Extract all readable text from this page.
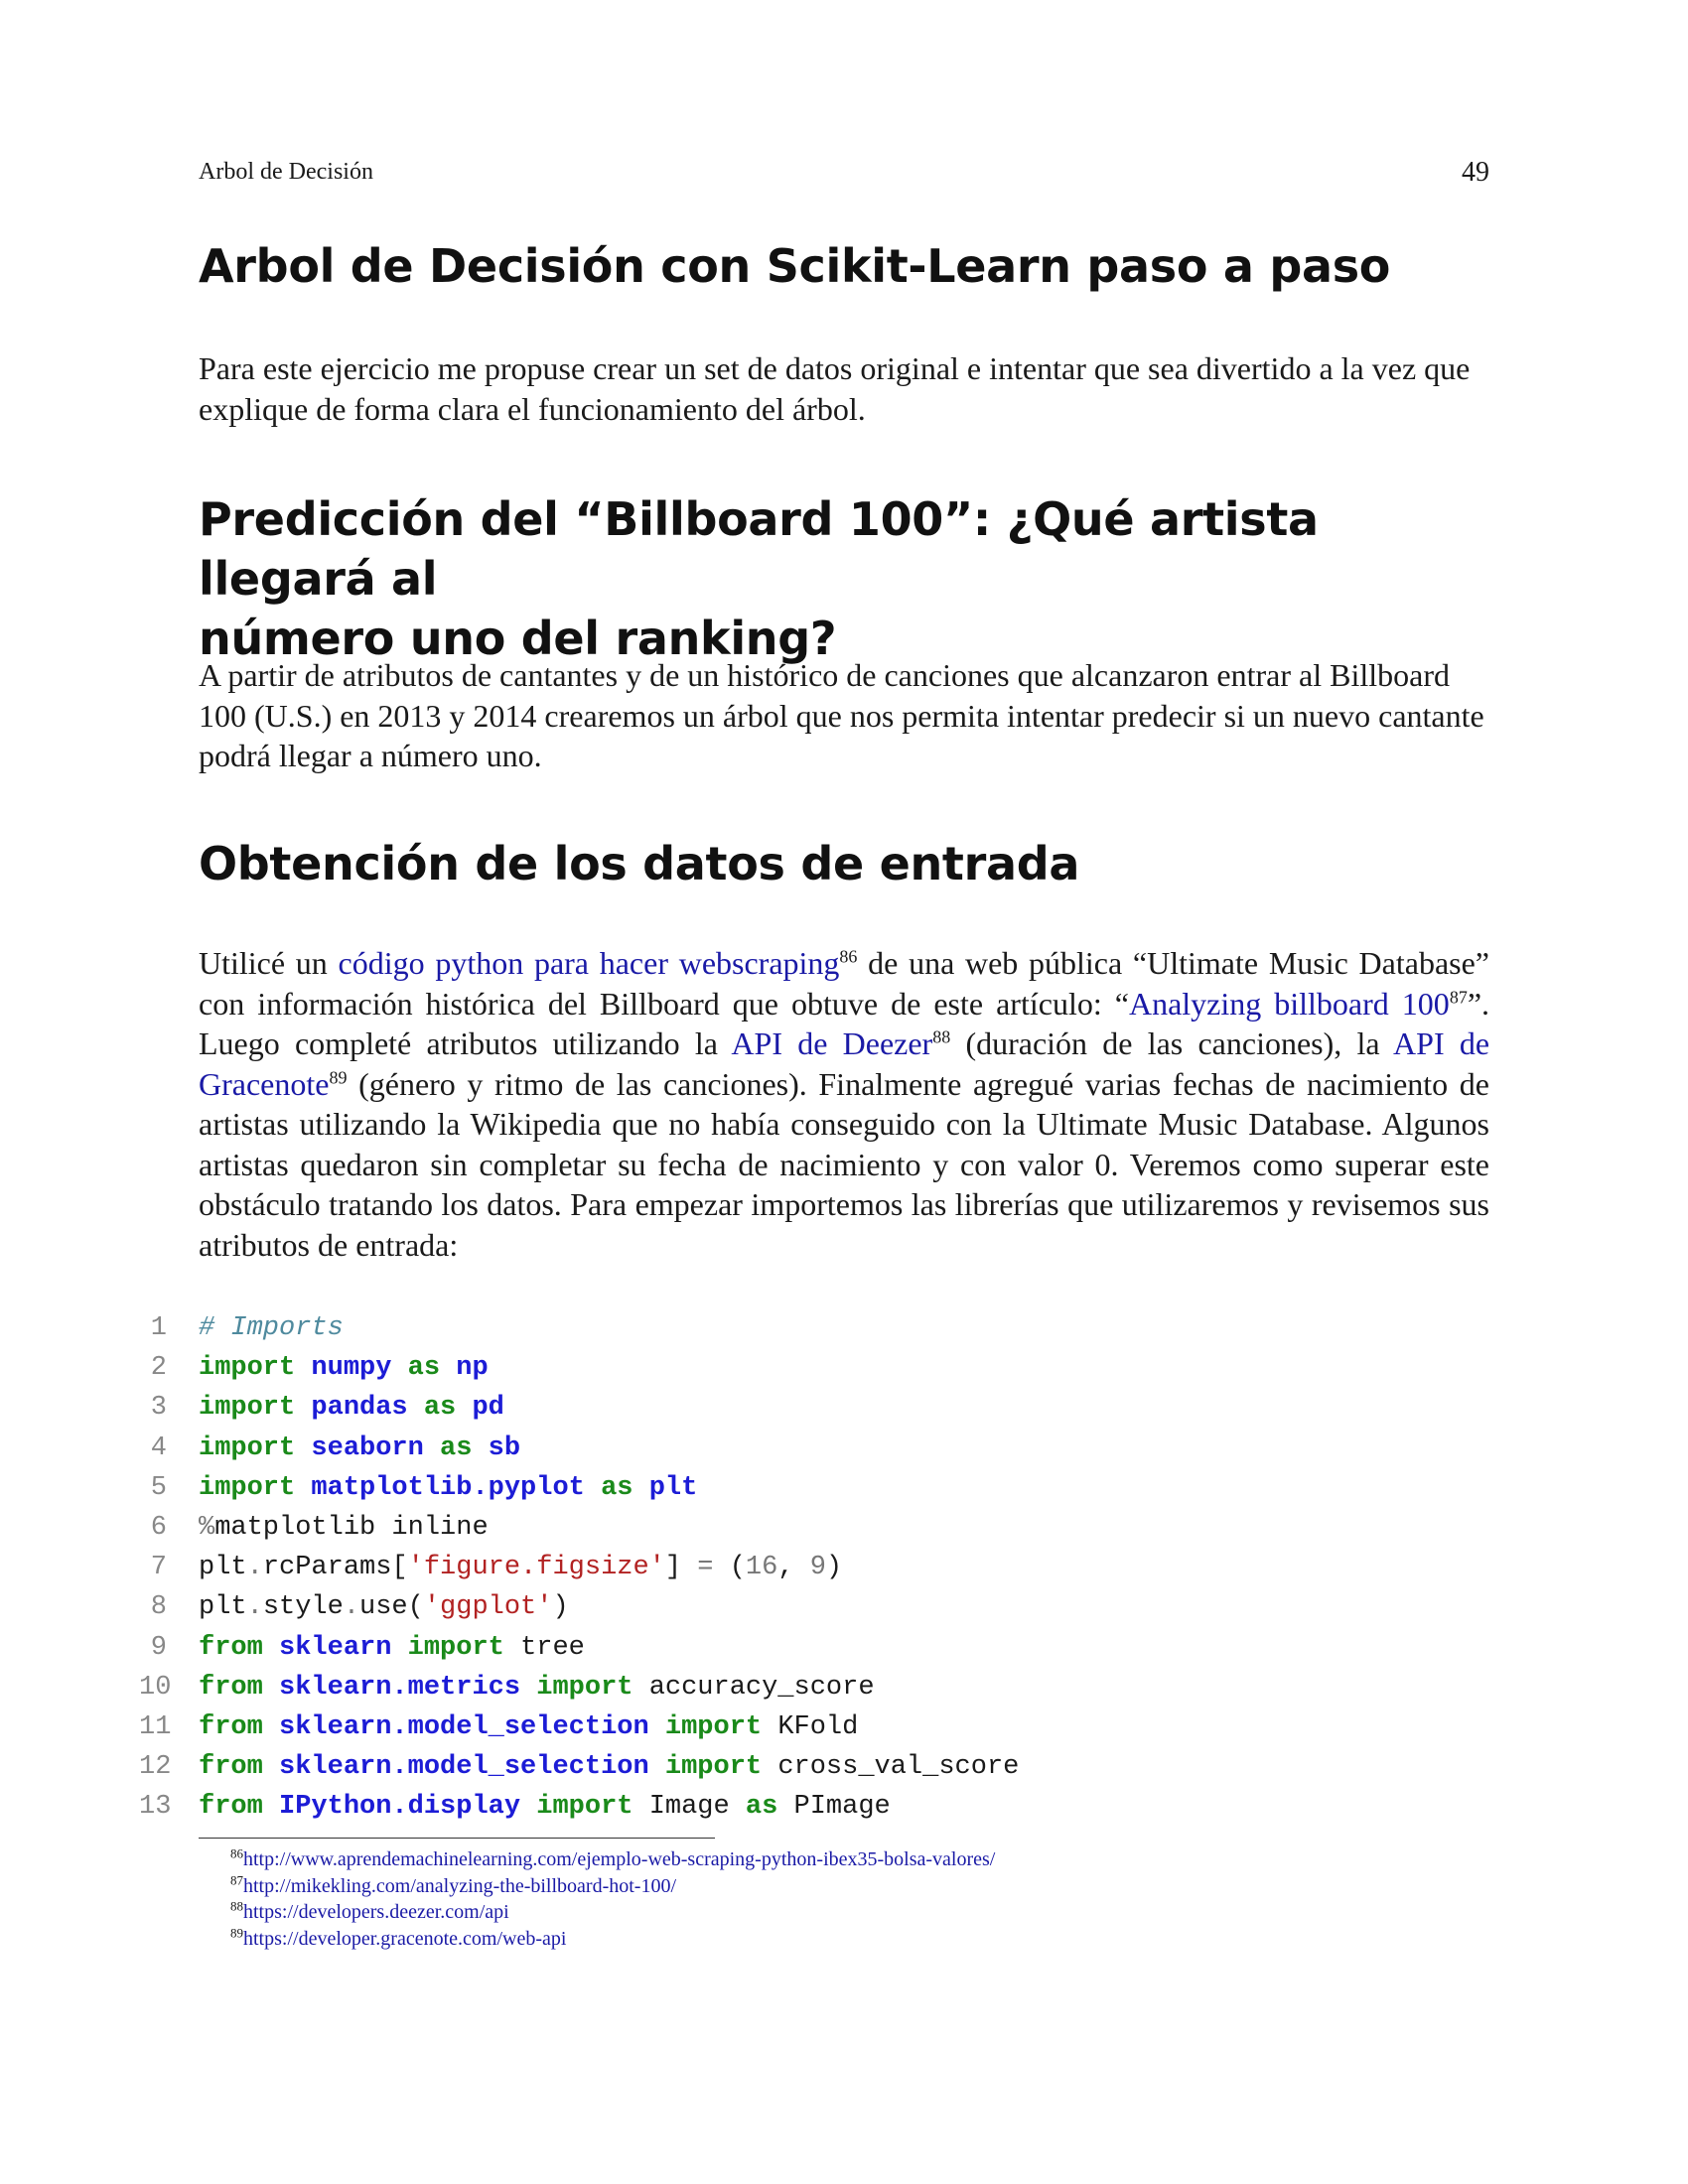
Arbol de Decisión	49
Arbol de Decisión con Scikit-Learn paso a paso

Para este ejercicio me propuse crear un set de datos original e intentar que sea divertido a la vez que explique de forma clara el funcionamiento del árbol.

Predicción del “Billboard 100”: ¿Qué artista llegará al
número uno del ranking?

A partir de atributos de cantantes y de un histórico de canciones que alcanzaron entrar al Billboard 100 (U.S.) en 2013 y 2014 crearemos un árbol que nos permita intentar predecir si un nuevo cantante podrá llegar a número uno.

Obtención de los datos de entrada

Utilicé un código python para hacer webscraping$^{86}$ de una web pública “Ultimate Music Database” con información histórica del Billboard que obtuve de este artículo: “Analyzing billboard $100^{87}$”. Luego completé atributos utilizando la API de Deezer$^{88}$ (duración de las canciones), la API de Gracenote$^{89}$ (género y ritmo de las canciones). Finalmente agregué varias fechas de nacimiento de artistas utilizando la Wikipedia que no había conseguido con la Ultimate Music Database. Algunos artistas quedaron sin completar su fecha de nacimiento y con valor 0. Veremos como superar este obstáculo tratando los datos. Para empezar importemos las librerías que utilizaremos y revisemos sus atributos de entrada:

1 # Imports
2 import numpy as np
3 import pandas as pd
4 import seaborn as sb
5 import matplotlib.pyplot as plt
6 %matplotlib inline
7 plt.rcParams['figure.figsize'] = (16, 9)
8 plt.style.use('ggplot')
9 from sklearn import tree
10 from sklearn.metrics import accuracy_score
11 from sklearn.model_selection import KFold
12 from sklearn.model_selection import cross_val_score
13 from IPython.display import Image as PImage
$^{86}$http://www.aprendemachinelearning.com/ejemplo-web-scraping-python-ibex35-bolsa-valores/
$^{87}$http://mikekling.com/analyzing-the-billboard-hot-100/
$^{88}$https://developers.deezer.com/api
$^{89}$https://developer.gracenote.com/web-api
